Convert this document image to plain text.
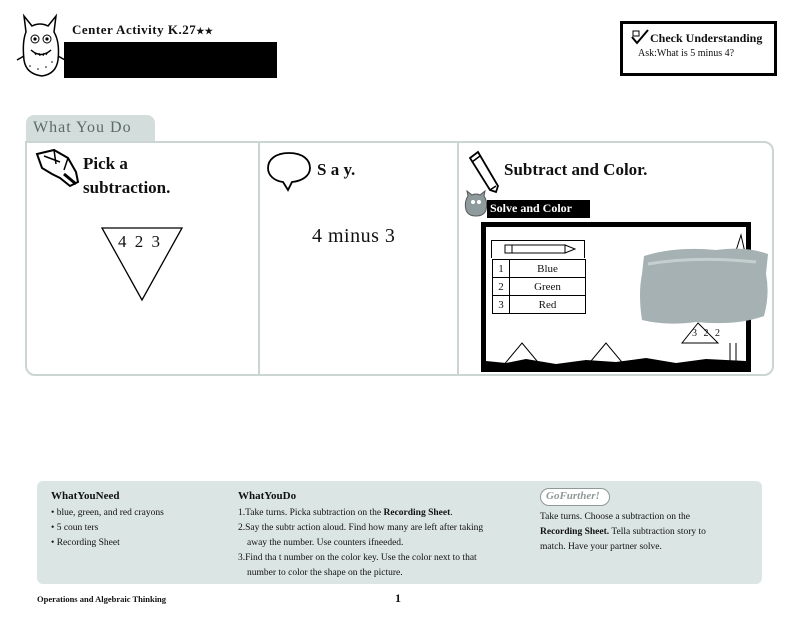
Center Activity K.27★★	Check Understanding
Ask:What is 5 minus 4?
What You Do
Pick a
subtraction.
4 2 3
S a y.
4 minus 3
Subtract and Color.
Solve and Color
3 2 2
1	Blue
2	Green
3	Red
WhatYouNeed
• blue, green, and red crayons
• 5 coun ters
• Recording Sheet
WhatYouDo
1.Take turns. Picka subtraction on the Recording Sheet.
2.Say the subtr action aloud. Find how many are left after taking
away the number. Use counters ifneeded.
3.Find tha t number on the color key. Use the color next to that
number to color the shape on the picture.
GoFurther!
Take turns. Choose a subtraction on the
Recording Sheet. Tella subtraction story to
match. Have your partner solve.
Operations and Algebraic Thinking	1
